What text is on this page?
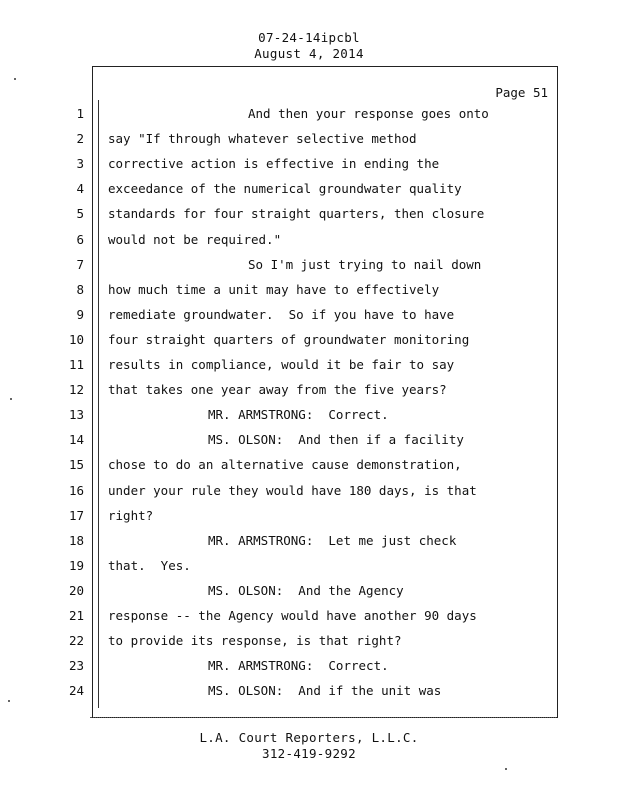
07-24-14ipcbl
August 4, 2014
Page 51
1	And then your response goes onto
2 say "If through whatever selective method
3 corrective action is effective in ending the
4 exceedance of the numerical groundwater quality
5 standards for four straight quarters, then closure
6 would not be required."
7	So I'm just trying to nail down
8 how much time a unit may have to effectively
9 remediate groundwater.  So if you have to have
10 four straight quarters of groundwater monitoring
11 results in compliance, would it be fair to say
12 that takes one year away from the five years?
13	MR. ARMSTRONG:  Correct.
14	MS. OLSON:  And then if a facility
15 chose to do an alternative cause demonstration,
16 under your rule they would have 180 days, is that
17 right?
18	MR. ARMSTRONG:  Let me just check
19 that.  Yes.
20	MS. OLSON:  And the Agency
21 response -- the Agency would have another 90 days
22 to provide its response, is that right?
23	MR. ARMSTRONG:  Correct.
24	MS. OLSON:  And if the unit was
L.A. Court Reporters, L.L.C.
312-419-9292
